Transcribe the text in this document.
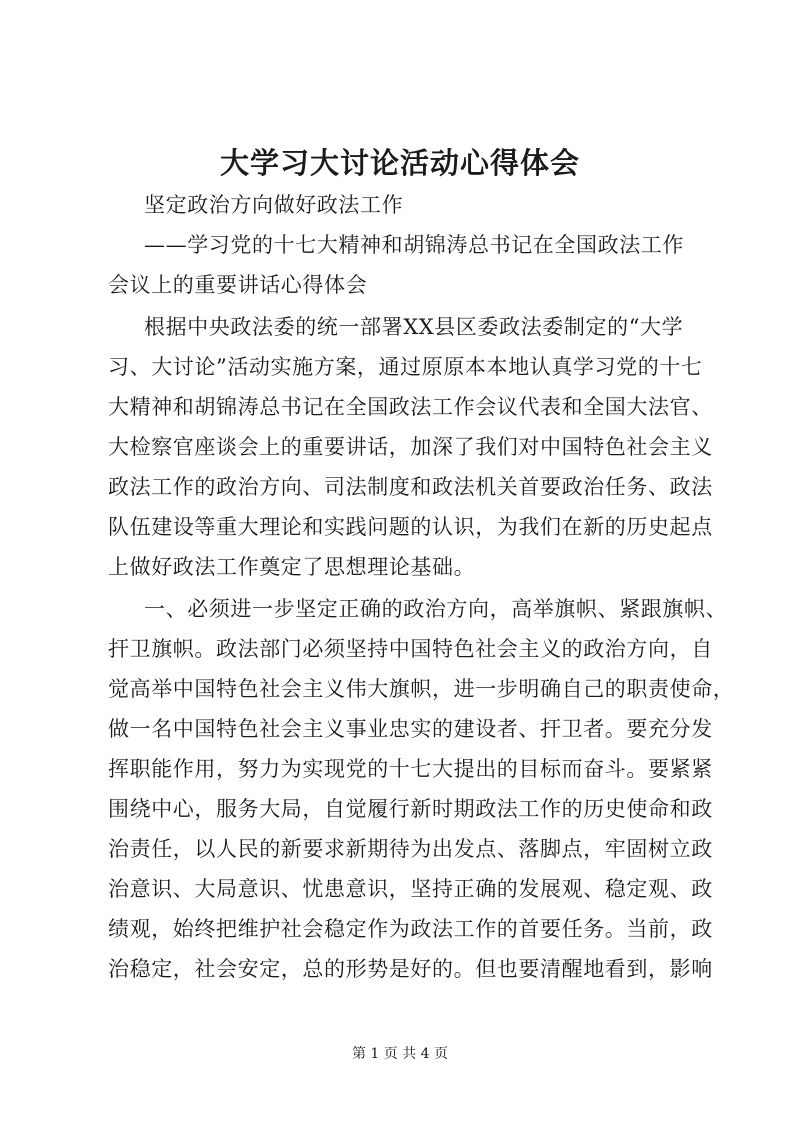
大学习大讨论活动心得体会
坚定政治方向做好政法工作
——学习党的十七大精神和胡锦涛总书记在全国政法工作
会议上的重要讲话心得体会
根据中央政法委的统一部署XX县区委政法委制定的“大学
习、大讨论”活动实施方案，通过原原本本地认真学习党的十七
大精神和胡锦涛总书记在全国政法工作会议代表和全国大法官、
大检察官座谈会上的重要讲话，加深了我们对中国特色社会主义
政法工作的政治方向、司法制度和政法机关首要政治任务、政法
队伍建设等重大理论和实践问题的认识，为我们在新的历史起点
上做好政法工作奠定了思想理论基础。
一、必须进一步坚定正确的政治方向，高举旗帜、紧跟旗帜、
扞卫旗帜。政法部门必须坚持中国特色社会主义的政治方向，自
觉高举中国特色社会主义伟大旗帜，进一步明确自己的职责使命，
做一名中国特色社会主义事业忠实的建设者、扞卫者。要充分发
挥职能作用，努力为实现党的十七大提出的目标而奋斗。要紧紧
围绕中心，服务大局，自觉履行新时期政法工作的历史使命和政
治责任，以人民的新要求新期待为出发点、落脚点，牢固树立政
治意识、大局意识、忧患意识，坚持正确的发展观、稳定观、政
绩观，始终把维护社会稳定作为政法工作的首要任务。当前，政
治稳定，社会安定，总的形势是好的。但也要清醒地看到，影响
第 1 页 共 4 页
